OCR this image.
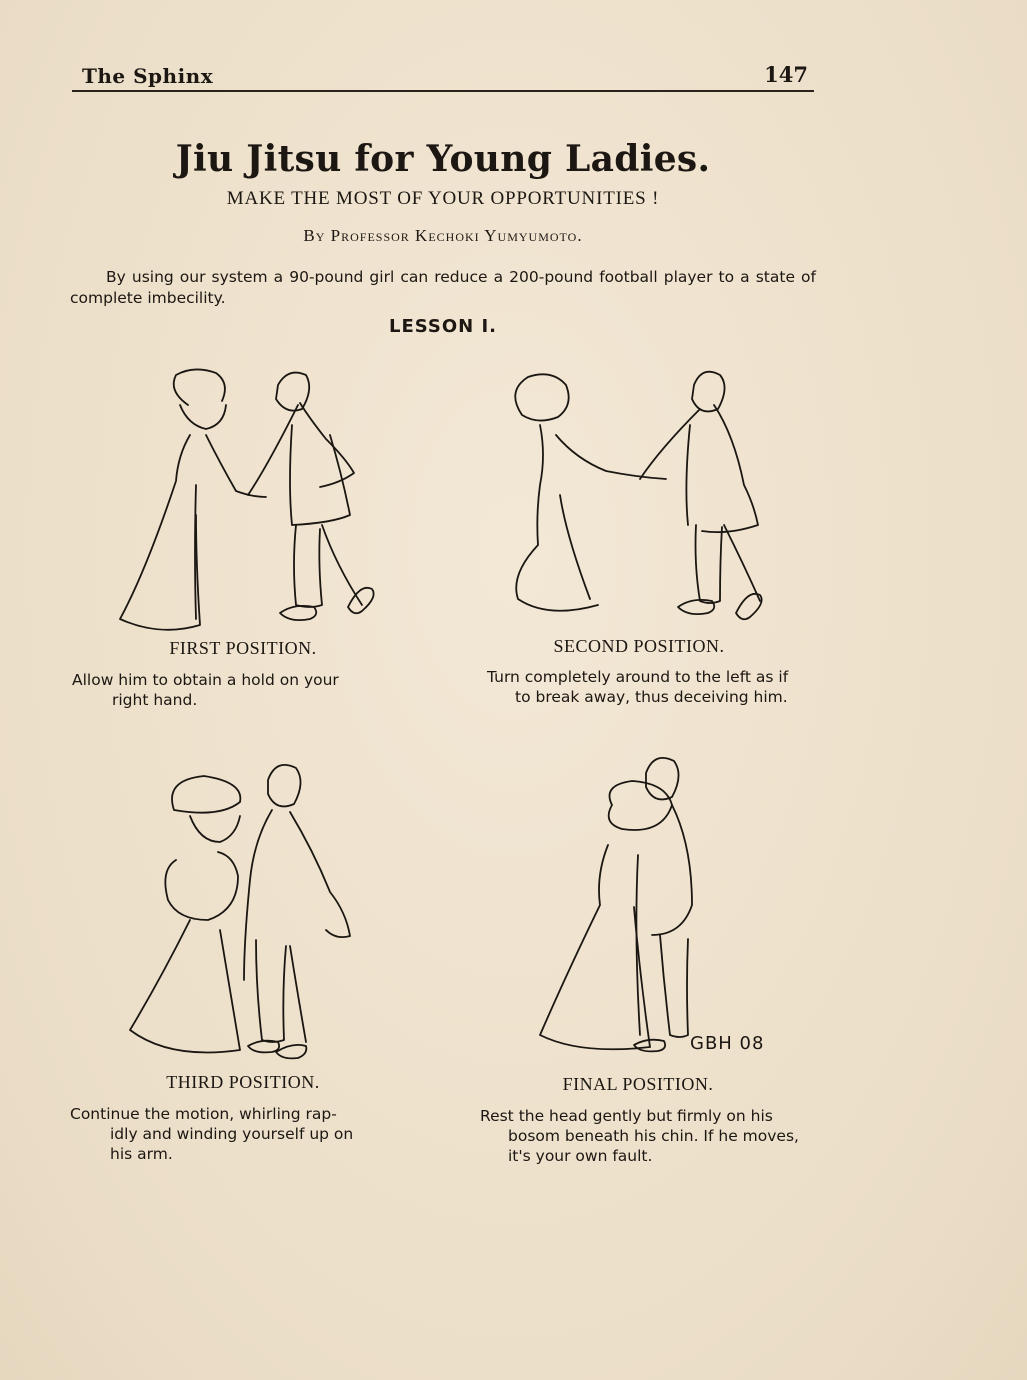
The Sphinx	147
Jiu Jitsu for Young Ladies.
MAKE THE MOST OF YOUR OPPORTUNITIES !
By Professor Kechoki Yumyumoto.
By using our system a 90-pound girl can reduce a 200-pound football player to a state of complete imbecility.
LESSON I.
GBH 08
FIRST POSITION.
Allow him to obtain a hold on your
right hand.
SECOND POSITION.
Turn completely around to the left as if
to break away, thus deceiving him.
THIRD POSITION.
Continue the motion, whirling rap-
idly and winding yourself up on his arm.
FINAL POSITION.
Rest the head gently but firmly on his
bosom beneath his chin. If he moves, it's your own fault.
